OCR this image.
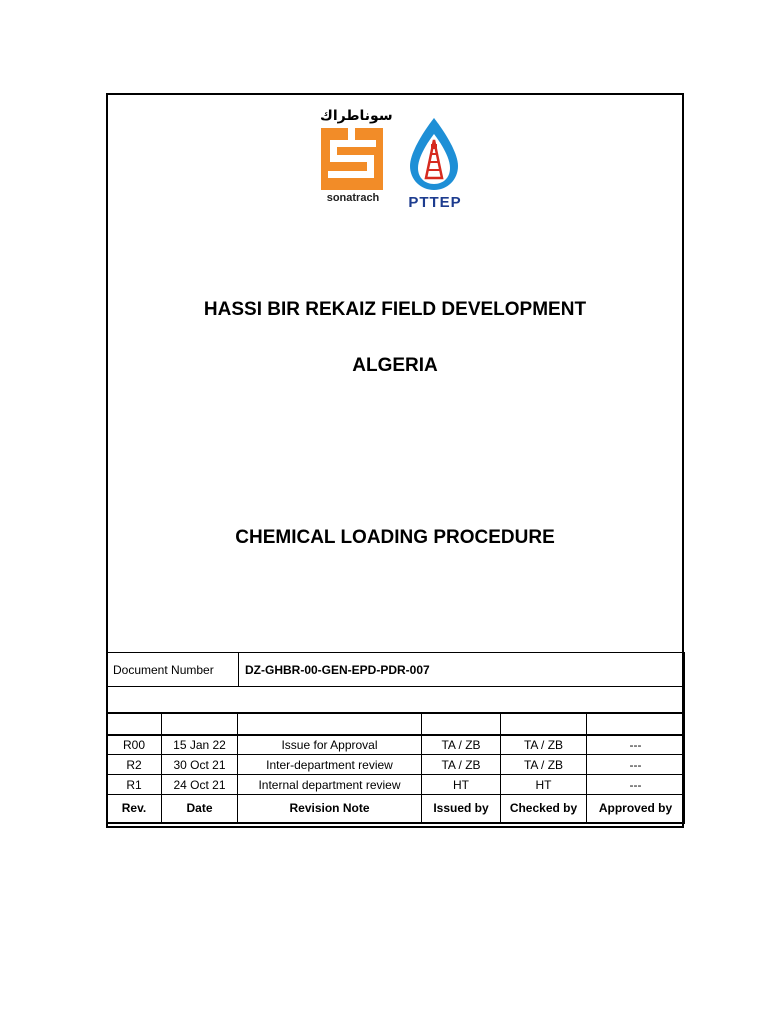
سوناطراك
sonatrach	PTTEP
HASSI BIR REKAIZ FIELD DEVELOPMENT
ALGERIA
CHEMICAL LOADING PROCEDURE
Document Number	DZ-GHBR-00-GEN-EPD-PDR-007

R00	15 Jan 22	Issue for Approval	TA / ZB	TA / ZB	---
R2	30 Oct 21	Inter-department review	TA / ZB	TA / ZB	---
R1	24 Oct 21	Internal department review	HT	HT	---
Rev.	Date	Revision Note	Issued by	Checked by	Approved by
